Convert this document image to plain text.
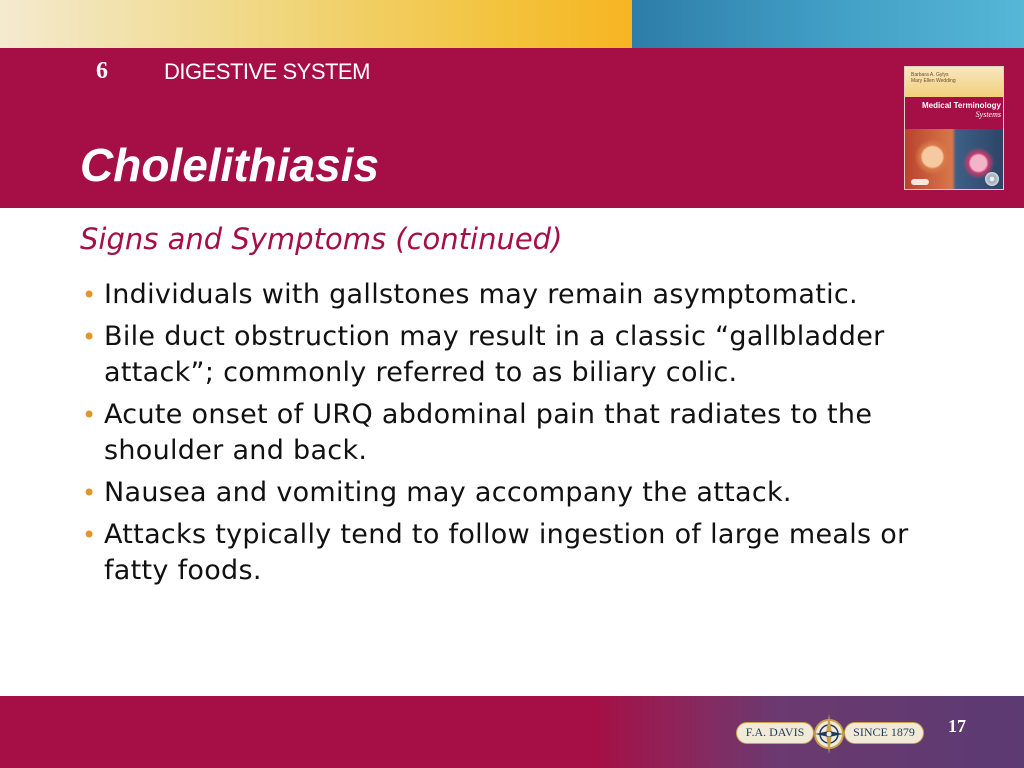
6	DIGESTIVE SYSTEM
Cholelithiasis
Barbara A. Gylys
Mary Ellen Wedding
Medical Terminology
Systems
Signs and Symptoms (continued)
• Individuals with gallstones may remain asymptomatic.
• Bile duct obstruction may result in a classic “gallbladder attack”; commonly referred to as biliary colic.
• Acute onset of URQ abdominal pain that radiates to the shoulder and back.
• Nausea and vomiting may accompany the attack.
• Attacks typically tend to follow ingestion of large meals or fatty foods.
F.A. DAVIS	SINCE 1879	17
